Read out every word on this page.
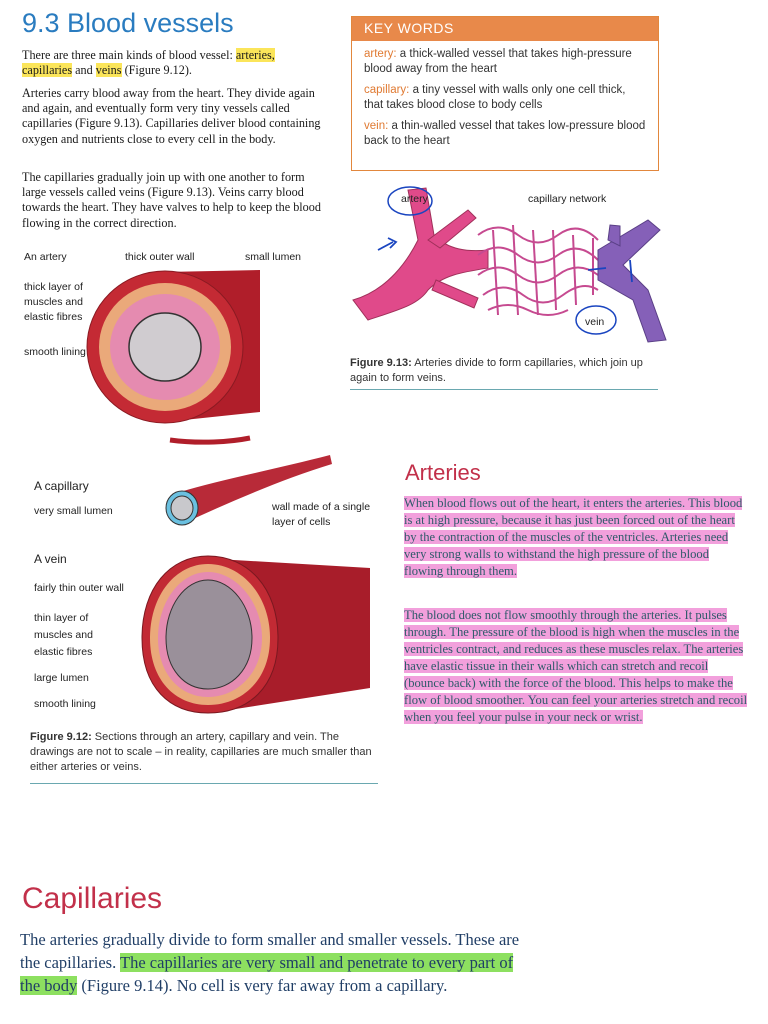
9.3 Blood vessels
There are three main kinds of blood vessel: arteries, capillaries and veins (Figure 9.12).
Arteries carry blood away from the heart. They divide again and again, and eventually form very tiny vessels called capillaries (Figure 9.13). Capillaries deliver blood containing oxygen and nutrients close to every cell in the body.
The capillaries gradually join up with one another to form large vessels called veins (Figure 9.13). Veins carry blood towards the heart. They have valves to help to keep the blood flowing in the correct direction.
KEY WORDS
artery: a thick-walled vessel that takes high-pressure blood away from the heart
capillary: a tiny vessel with walls only one cell thick, that takes blood close to body cells
vein: a thin-walled vessel that takes low-pressure blood back to the heart
artery	capillary network
vein
Figure 9.13: Arteries divide to form capillaries, which join up again to form veins.
An artery	thick outer wall	small lumen
thick layer of muscles and elastic fibres
smooth lining
A capillary
very small lumen	wall made of a single layer of cells
A vein
fairly thin outer wall
thin layer of muscles and elastic fibres
large lumen
smooth lining
Figure 9.12: Sections through an artery, capillary and vein. The drawings are not to scale – in reality, capillaries are much smaller than either arteries or veins.
Arteries
When blood flows out of the heart, it enters the arteries. This blood is at high pressure, because it has just been forced out of the heart by the contraction of the muscles of the ventricles. Arteries need very strong walls to withstand the high pressure of the blood flowing through them.
The blood does not flow smoothly through the arteries. It pulses through. The pressure of the blood is high when the muscles in the ventricles contract, and reduces as these muscles relax. The arteries have elastic tissue in their walls which can stretch and recoil (bounce back) with the force of the blood. This helps to make the flow of blood smoother. You can feel your arteries stretch and recoil when you feel your pulse in your neck or wrist.
Capillaries
The arteries gradually divide to form smaller and smaller vessels. These are the capillaries. The capillaries are very small and penetrate to every part of the body (Figure 9.14). No cell is very far away from a capillary.
